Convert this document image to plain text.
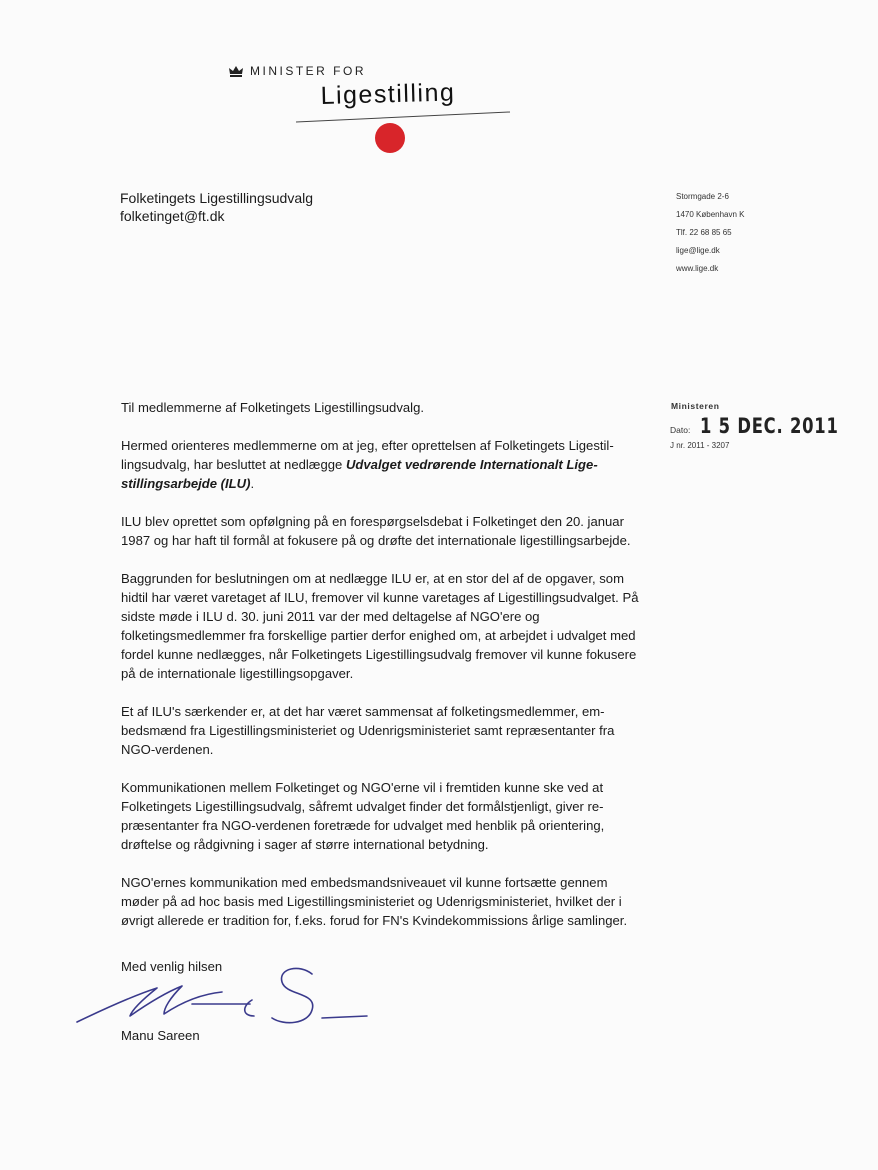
MINISTER FOR
Ligestilling
Folketingets Ligestillingsudvalg
folketinget@ft.dk
Stormgade 2-6
1470 København K
Tlf. 22 68 85 65
lige@lige.dk
www.lige.dk
Ministeren
Dato: 1 5 DEC. 2011
J nr. 2011 - 3207

Til medlemmerne af Folketingets Ligestillingsudvalg.

Hermed orienteres medlemmerne om at jeg, efter oprettelsen af Folketingets Ligestillingsudvalg, har besluttet at nedlægge Udvalget vedrørende Internationalt Ligestillingsarbejde (ILU).

ILU blev oprettet som opfølgning på en forespørgselsdebat i Folketinget den 20. januar 1987 og har haft til formål at fokusere på og drøfte det internationale ligestillingsarbejde.

Baggrunden for beslutningen om at nedlægge ILU er, at en stor del af de opgaver, som hidtil har været varetaget af ILU, fremover vil kunne varetages af Ligestillingsudvalget. På sidste møde i ILU d. 30. juni 2011 var der med deltagelse af NGO'ere og folketingsmedlemmer fra forskellige partier derfor enighed om, at arbejdet i udvalget med fordel kunne nedlægges, når Folketingets Ligestillingsudvalg fremover vil kunne fokusere på de internationale ligestillingsopgaver.

Et af ILU's særkender er, at det har været sammensat af folketingsmedlemmer, embedsmænd fra Ligestillingsministeriet og Udenrigsministeriet samt repræsentanter fra NGO-verdenen.

Kommunikationen mellem Folketinget og NGO'erne vil i fremtiden kunne ske ved at Folketingets Ligestillingsudvalg, såfremt udvalget finder det formålstjenligt, giver repræsentanter fra NGO-verdenen foretræde for udvalget med henblik på orientering, drøftelse og rådgivning i sager af større international betydning.

NGO'ernes kommunikation med embedsmandsniveauet vil kunne fortsætte gennem møder på ad hoc basis med Ligestillingsministeriet og Udenrigsministeriet, hvilket der i øvrigt allerede er tradition for, f.eks. forud for FN's Kvindekommissions årlige samlinger.

Med venlig hilsen
Manu Sareen
